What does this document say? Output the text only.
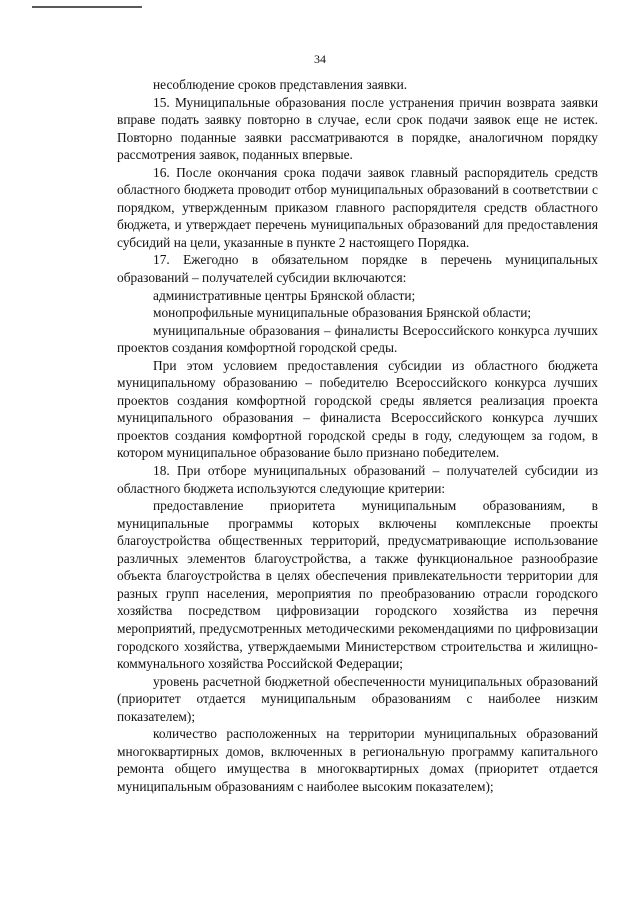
34

несоблюдение сроков представления заявки.

15. Муниципальные образования после устранения причин возврата заявки вправе подать заявку повторно в случае, если срок подачи заявок еще не истек. Повторно поданные заявки рассматриваются в порядке, аналогичном порядку рассмотрения заявок, поданных впервые.

16. После окончания срока подачи заявок главный распорядитель средств областного бюджета проводит отбор муниципальных образований в соответствии с порядком, утвержденным приказом главного распорядителя средств областного бюджета, и утверждает перечень муниципальных образований для предоставления субсидий на цели, указанные в пункте 2 настоящего Порядка.

17. Ежегодно в обязательном порядке в перечень муниципальных образований – получателей субсидии включаются:

административные центры Брянской области;

монопрофильные муниципальные образования Брянской области;

муниципальные образования – финалисты Всероссийского конкурса лучших проектов создания комфортной городской среды.

При этом условием предоставления субсидии из областного бюджета муниципальному образованию – победителю Всероссийского конкурса лучших проектов создания комфортной городской среды является реализация проекта муниципального образования – финалиста Всероссийского конкурса лучших проектов создания комфортной городской среды в году, следующем за годом, в котором муниципальное образование было признано победителем.

18. При отборе муниципальных образований – получателей субсидии из областного бюджета используются следующие критерии:

предоставление приоритета муниципальным образованиям, в муниципальные программы которых включены комплексные проекты благоустройства общественных территорий, предусматривающие использование различных элементов благоустройства, а также функциональное разнообразие объекта благоустройства в целях обеспечения привлекательности территории для разных групп населения, мероприятия по преобразованию отрасли городского хозяйства посредством цифровизации городского хозяйства из перечня мероприятий, предусмотренных методическими рекомендациями по цифровизации городского хозяйства, утверждаемыми Министерством строительства и жилищно-коммунального хозяйства Российской Федерации;

уровень расчетной бюджетной обеспеченности муниципальных образований (приоритет отдается муниципальным образованиям с наиболее низким показателем);

количество расположенных на территории муниципальных образований многоквартирных домов, включенных в региональную программу капитального ремонта общего имущества в многоквартирных домах (приоритет отдается муниципальным образованиям с наиболее высоким показателем);
